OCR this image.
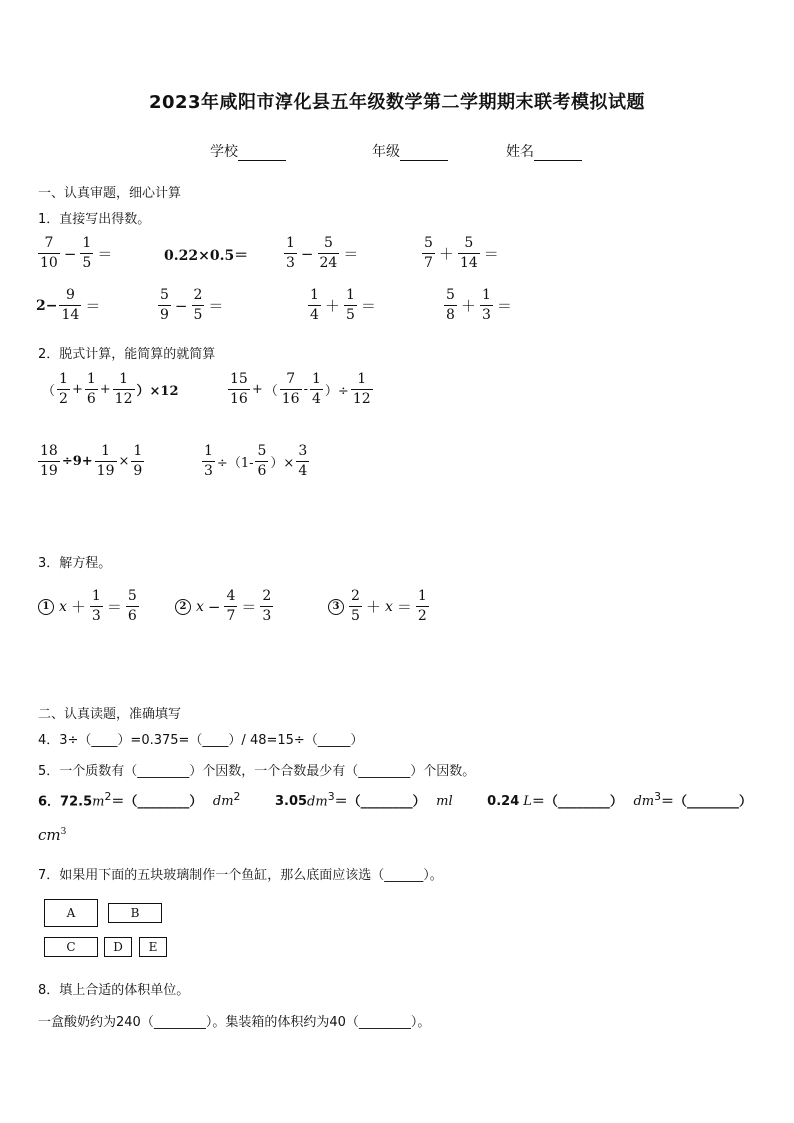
2023年咸阳市淳化县五年级数学第二学期期末联考模拟试题
学校	年级	姓名
一、认真审题，细心计算
1．直接写出得数。
$\frac{7}{10} - \frac{1}{5}$ ＝	0.22×0.5＝	$\frac{1}{3} - \frac{5}{24}$ ＝	$\frac{5}{7} + \frac{5}{14}$ ＝
$2- \frac{9}{14}$ ＝	$\frac{5}{9} - \frac{2}{5}$ ＝	$\frac{1}{4} + \frac{1}{5}$ ＝	$\frac{5}{8} + \frac{1}{3}$ ＝
2．脱式计算，能简算的就简算
（ $\frac{1}{2} + \frac{1}{6} + \frac{1}{12} )\times 12$	$\frac{15}{16}$ + （ $\frac{7}{16} - \frac{1}{4}$ ）÷ $\frac{1}{12}$
$\frac{18}{19} \div 9+ \frac{1}{19} \times \frac{1}{9}$	$\frac{1}{3} \div(1- \frac{5}{6}$ ）× $\frac{3}{4}$
3．解方程。
1 $x + \frac{1}{3} = \frac{5}{6}$	2 $x - \frac{4}{7} = \frac{2}{3}$	$3 \frac{2}{5} + x = \frac{1}{2}$
二、认真读题，准确填写
4．3÷（____）=0.375=（____）/ 48=15÷（_____）
5．一个质数有（________）个因数，一个合数最少有（________）个因数。
6．$72.5m^2=(\_\_\_\_\_\_\_\_)$ $dm^2$	$3.05dm^3=(\_\_\_\_\_\_\_\_)$ ml	0.24 L＝（________） $dm^3=(\_\_\_\_\_\_\_\_)$
$cm^3$
7．如果用下面的五块玻璃制作一个鱼缸，那么底面应该选（______）。
A	B
C	D	E
8．填上合适的体积单位。
一盒酸奶约为240（________）。集装箱的体积约为40（________）。
